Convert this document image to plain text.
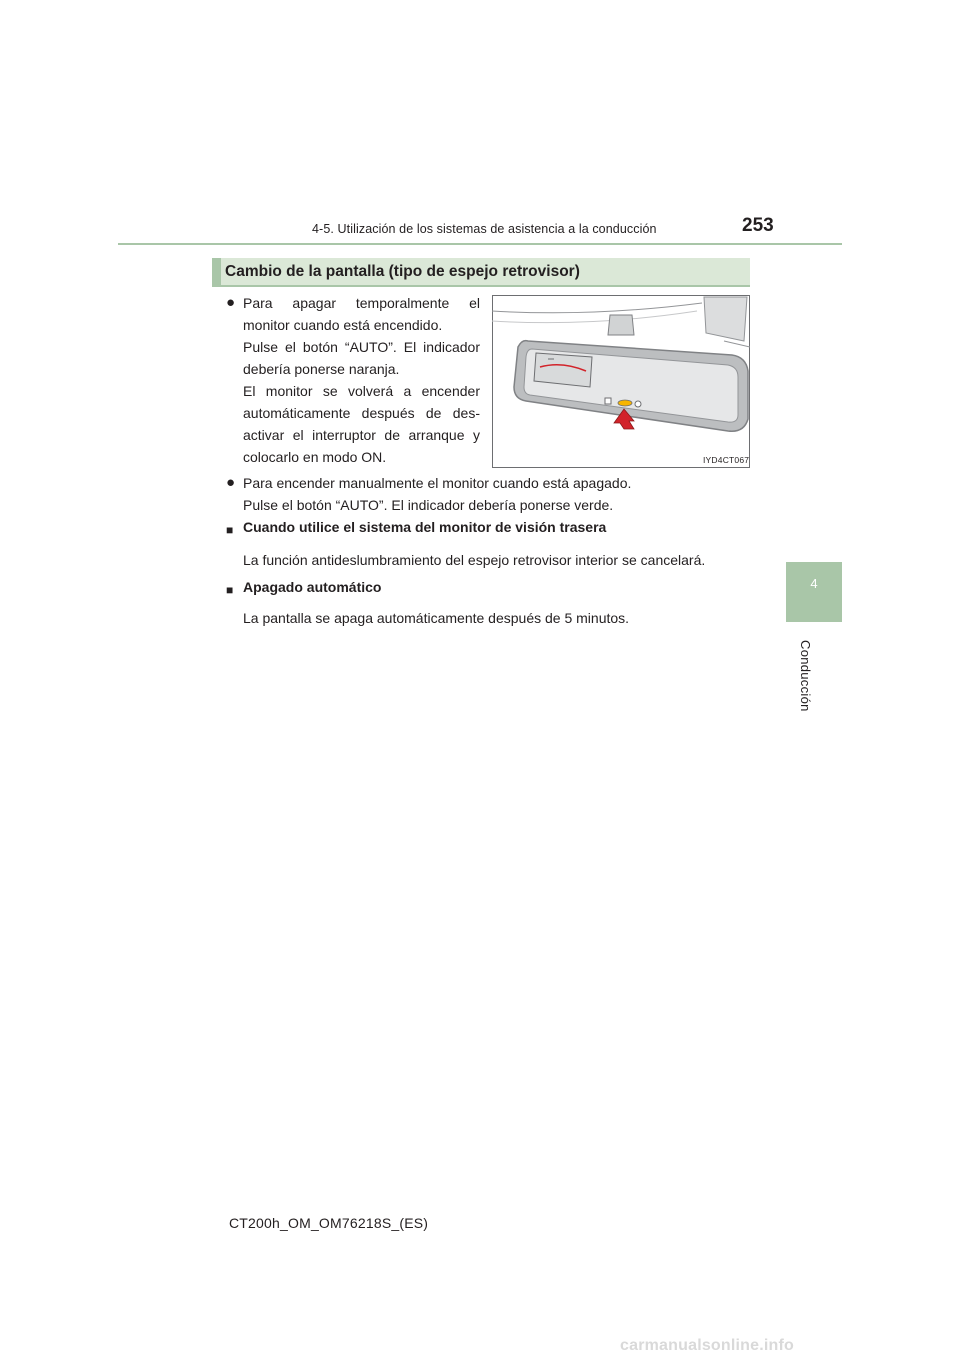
4-5. Utilización de los sistemas de asistencia a la conducción	253
4
Conducción
Cambio de la pantalla (tipo de espejo retrovisor)
● Para apagar temporalmente el monitor cuando está encendido.

Pulse el botón “AUTO”. El indicador debería ponerse naranja.

El monitor se volverá a encender automáticamente después de des-activar el interruptor de arranque y colocarlo en modo ON.	IYD4CT067
● Para encender manualmente el monitor cuando está apagado.

Pulse el botón “AUTO”. El indicador debería ponerse verde.

■ Cuando utilice el sistema del monitor de visión trasera
La función antideslumbramiento del espejo retrovisor interior se cancelará.
■ Apagado automático
La pantalla se apaga automáticamente después de 5 minutos.
CT200h_OM_OM76218S_(ES)
carmanualsonline.info
